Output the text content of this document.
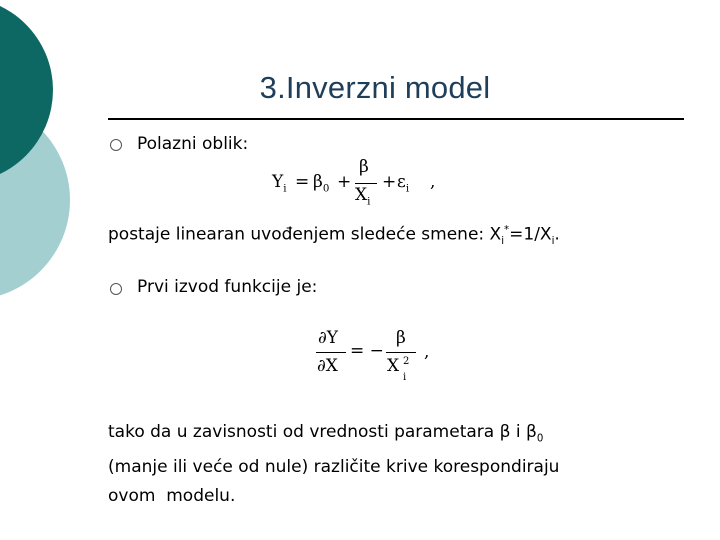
3.Inverzni model
Polazni oblik:
$Y_i = \beta_0$ +
β
$X_i$
+ $\varepsilon_i$ ,
postaje linearan uvođenjem sledeće smene: $X_i^*=1/X_i$.
Prvi izvod funkcije je:
∂Y
∂X
= −
β
X 2
i
,
tako da u zavisnosti od vrednosti parametara β i $\beta_0$
(manje ili veće od nule) različite krive korespondiraju
ovom  modelu.
